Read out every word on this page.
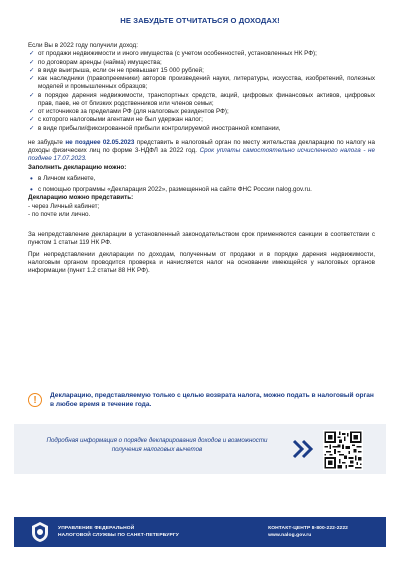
НЕ ЗАБУДЬТЕ ОТЧИТАТЬСЯ О ДОХОДАХ!

Если Вы в 2022 году получили доход:

✓ от продажи недвижимости и иного имущества (с учетом особенностей, установленных НК РФ);
✓ по договорам аренды (найма) имущества;
✓ в виде выигрыша, если он не превышает 15 000 рублей;
✓ как наследники (правопреемники) авторов произведений науки, литературы, искусства, изобретений, полезных моделей и промышленных образцов;
✓ в порядке дарения недвижимости, транспортных средств, акций, цифровых финансовых активов, цифровых прав, паев, не от близких родственников или членов семьи;
✓ от источников за пределами РФ (для налоговых резидентов РФ);
✓ с которого налоговыми агентами не был удержан налог;
✓ в виде прибыли/фиксированной прибыли контролируемой иностранной компании,

не забудьте не позднее 02.05.2023 представить в налоговый орган по месту жительства декларацию по налогу на доходы физических лиц по форме 3-НДФЛ за 2022 год. Срок уплаты самостоятельно исчисленного налога - не позднее 17.07.2023.

Заполнить декларацию можно:

• в Личном кабинете,
• с помощью программы «Декларация 2022», размещенной на сайте ФНС России nalog.gov.ru.

Декларацию можно представить:

- через Личный кабинет;
- по почте или лично.

За непредставление декларации в установленный законодательством срок применяются санкции в соответствии с пунктом 1 статьи 119 НК РФ.

При непредставлении декларации по доходам, полученным от продажи и в порядке дарения недвижимости, налоговым органом проводится проверка и начисляется налог на основании имеющейся у налоговых органов информации (пункт 1.2 статьи 88 НК РФ).

!	Декларацию, представляемую только с целью возврата налога, можно подать в налоговый орган в любое время в течение года.
Подробная информация о порядке декларирования доходов и возможности получения налоговых вычетов
УПРАВЛЕНИЕ ФЕДЕРАЛЬНОЙ
НАЛОГОВОЙ СЛУЖБЫ ПО САНКТ-ПЕТЕРБУРГУ
КОНТАКТ-ЦЕНТР 8-800-222-2222
www.nalog.gov.ru
